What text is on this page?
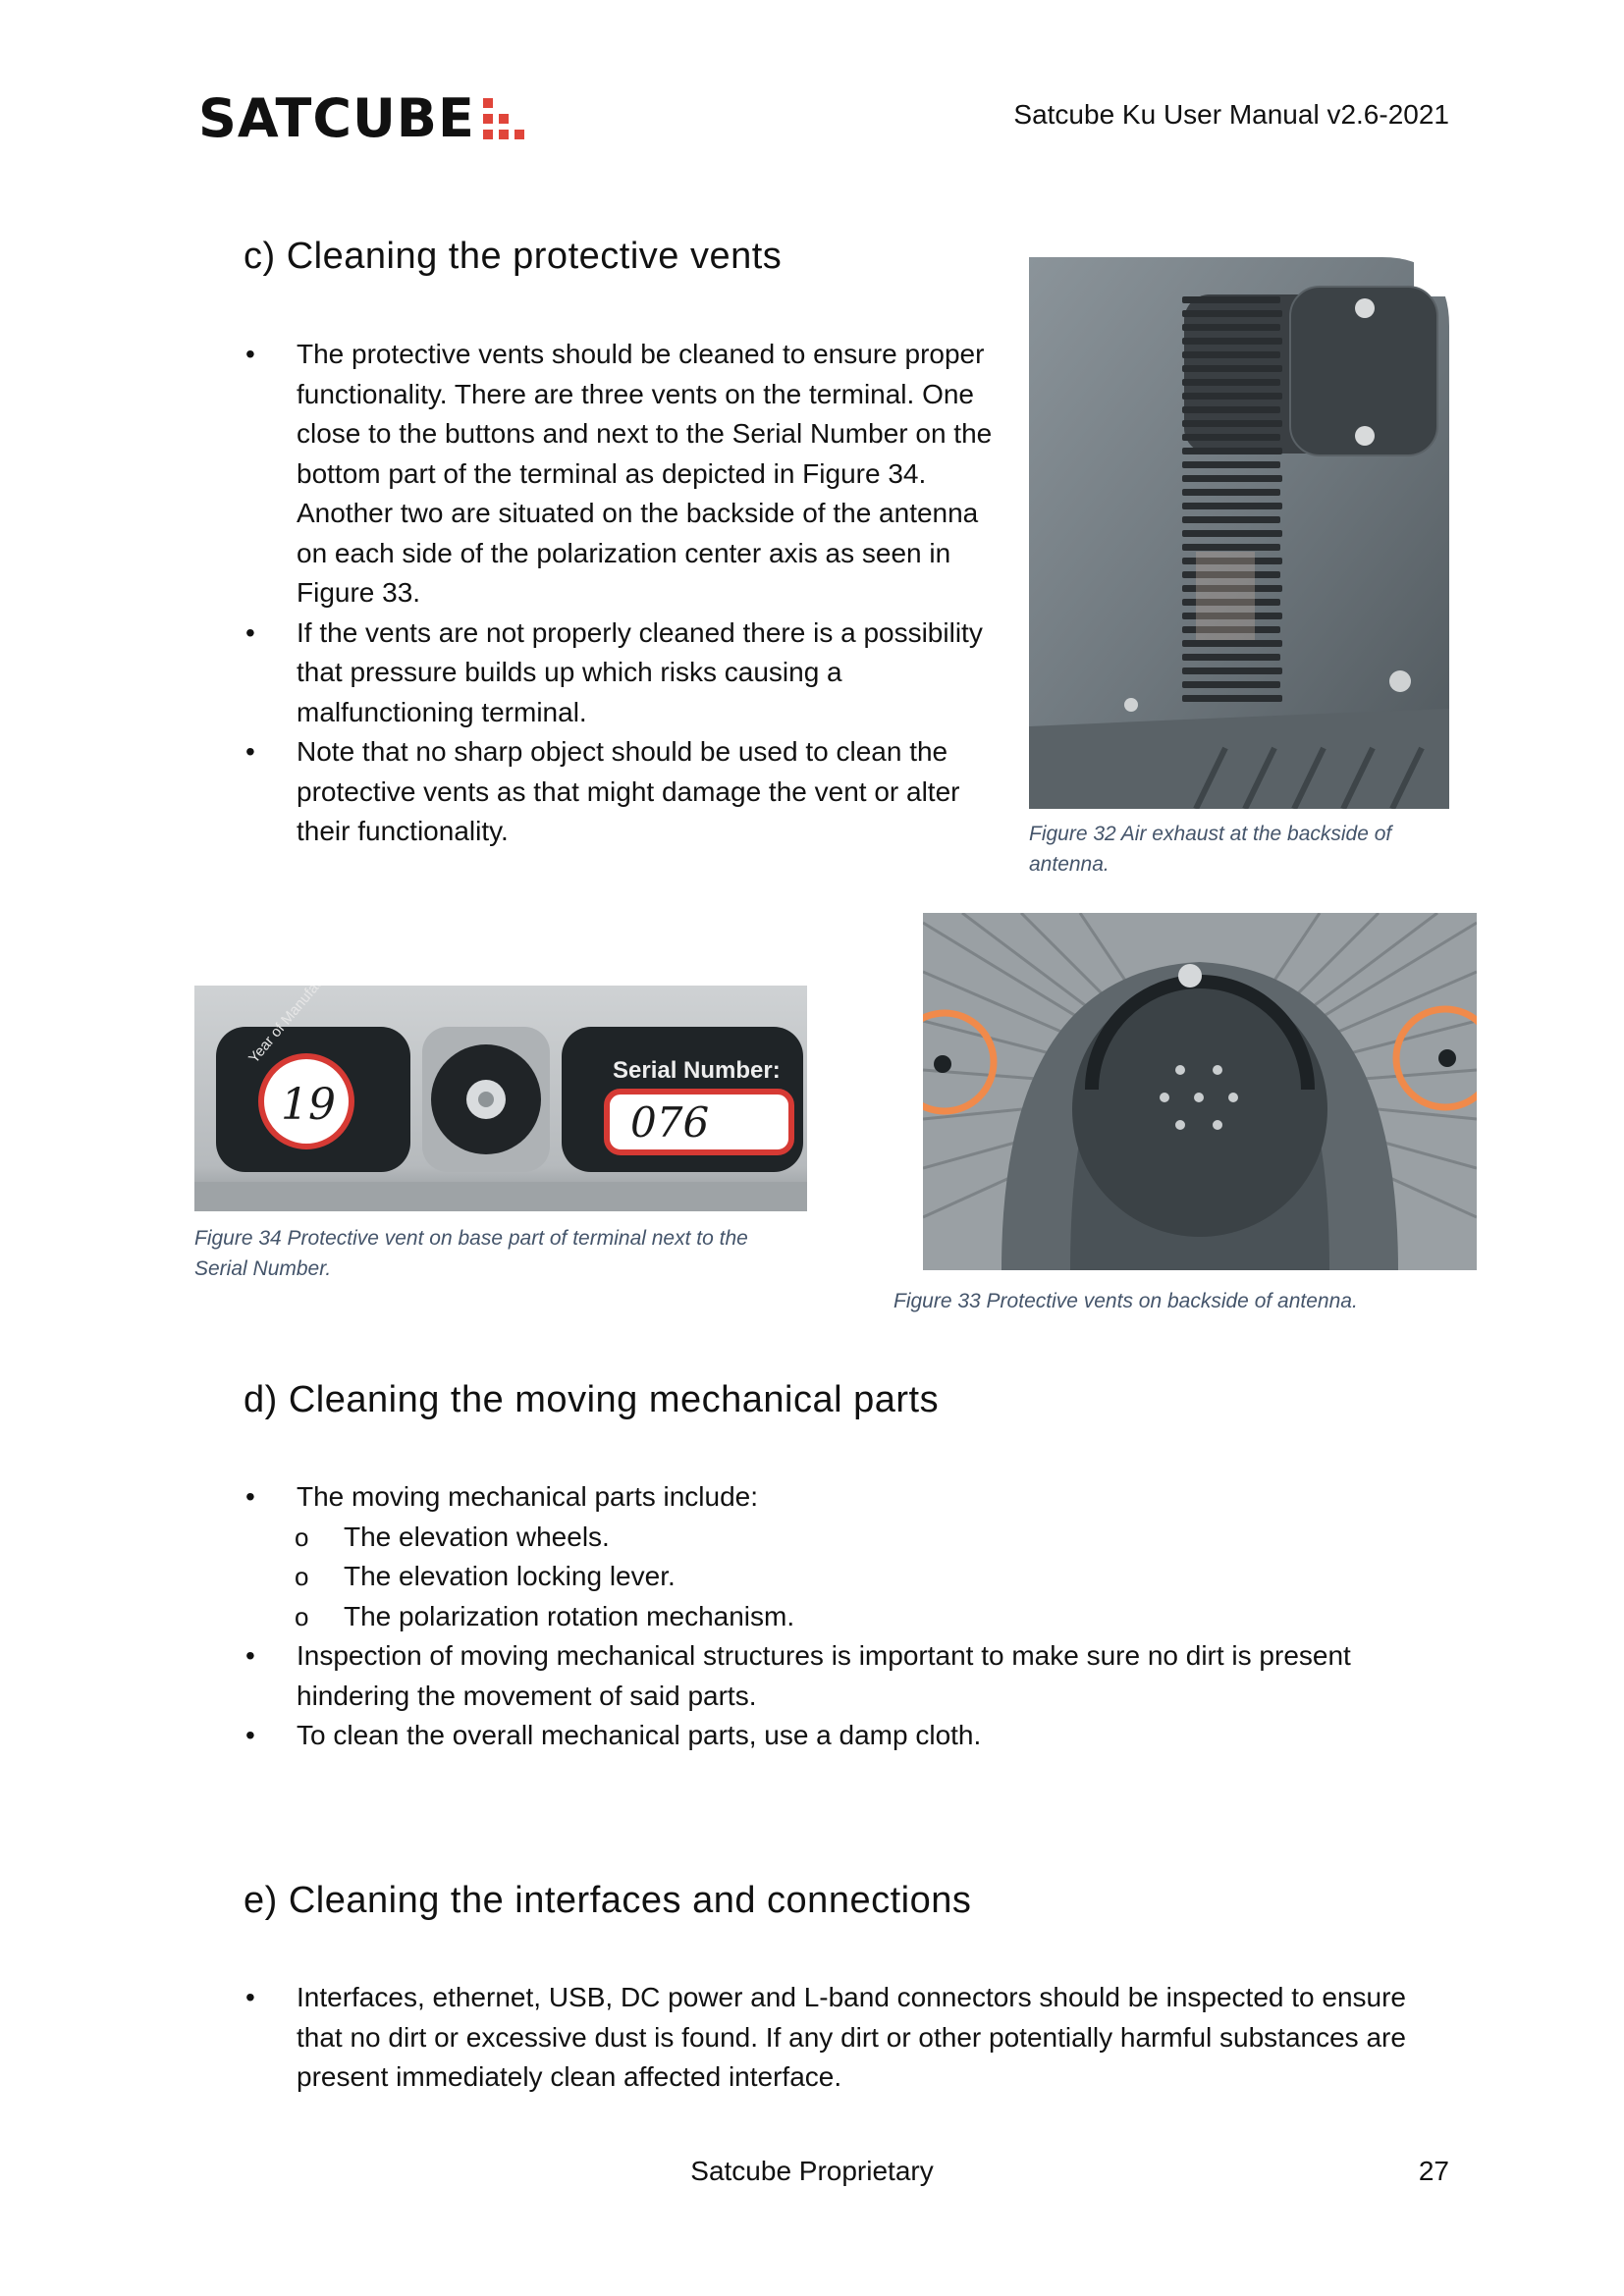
SATCUBE	Satcube Ku User Manual v2.6-2021
c) Cleaning the protective vents
• The protective vents should be cleaned to ensure proper functionality. There are three vents on the terminal. One close to the buttons and next to the Serial Number on the bottom part of the terminal as depicted in Figure 34. Another two are situated on the backside of the antenna on each side of the polarization center axis as seen in Figure 33.
• If the vents are not properly cleaned there is a possibility that pressure builds up which risks causing a malfunctioning terminal.
• Note that no sharp object should be used to clean the protective vents as that might damage the vent or alter their functionality.	Figure 32 Air exhaust at the backside of antenna.
19
Serial Number:
076
Figure 34 Protective vent on base part of terminal next to the Serial Number.
Figure 33 Protective vents on backside of antenna.
d) Cleaning the moving mechanical parts
• The moving mechanical parts include:
o The elevation wheels.
o The elevation locking lever.
o The polarization rotation mechanism.
• Inspection of moving mechanical structures is important to make sure no dirt is present hindering the movement of said parts.
• To clean the overall mechanical parts, use a damp cloth.
e) Cleaning the interfaces and connections
• Interfaces, ethernet, USB, DC power and L-band connectors should be inspected to ensure that no dirt or excessive dust is found. If any dirt or other potentially harmful substances are present immediately clean affected interface.
Satcube Proprietary	27
